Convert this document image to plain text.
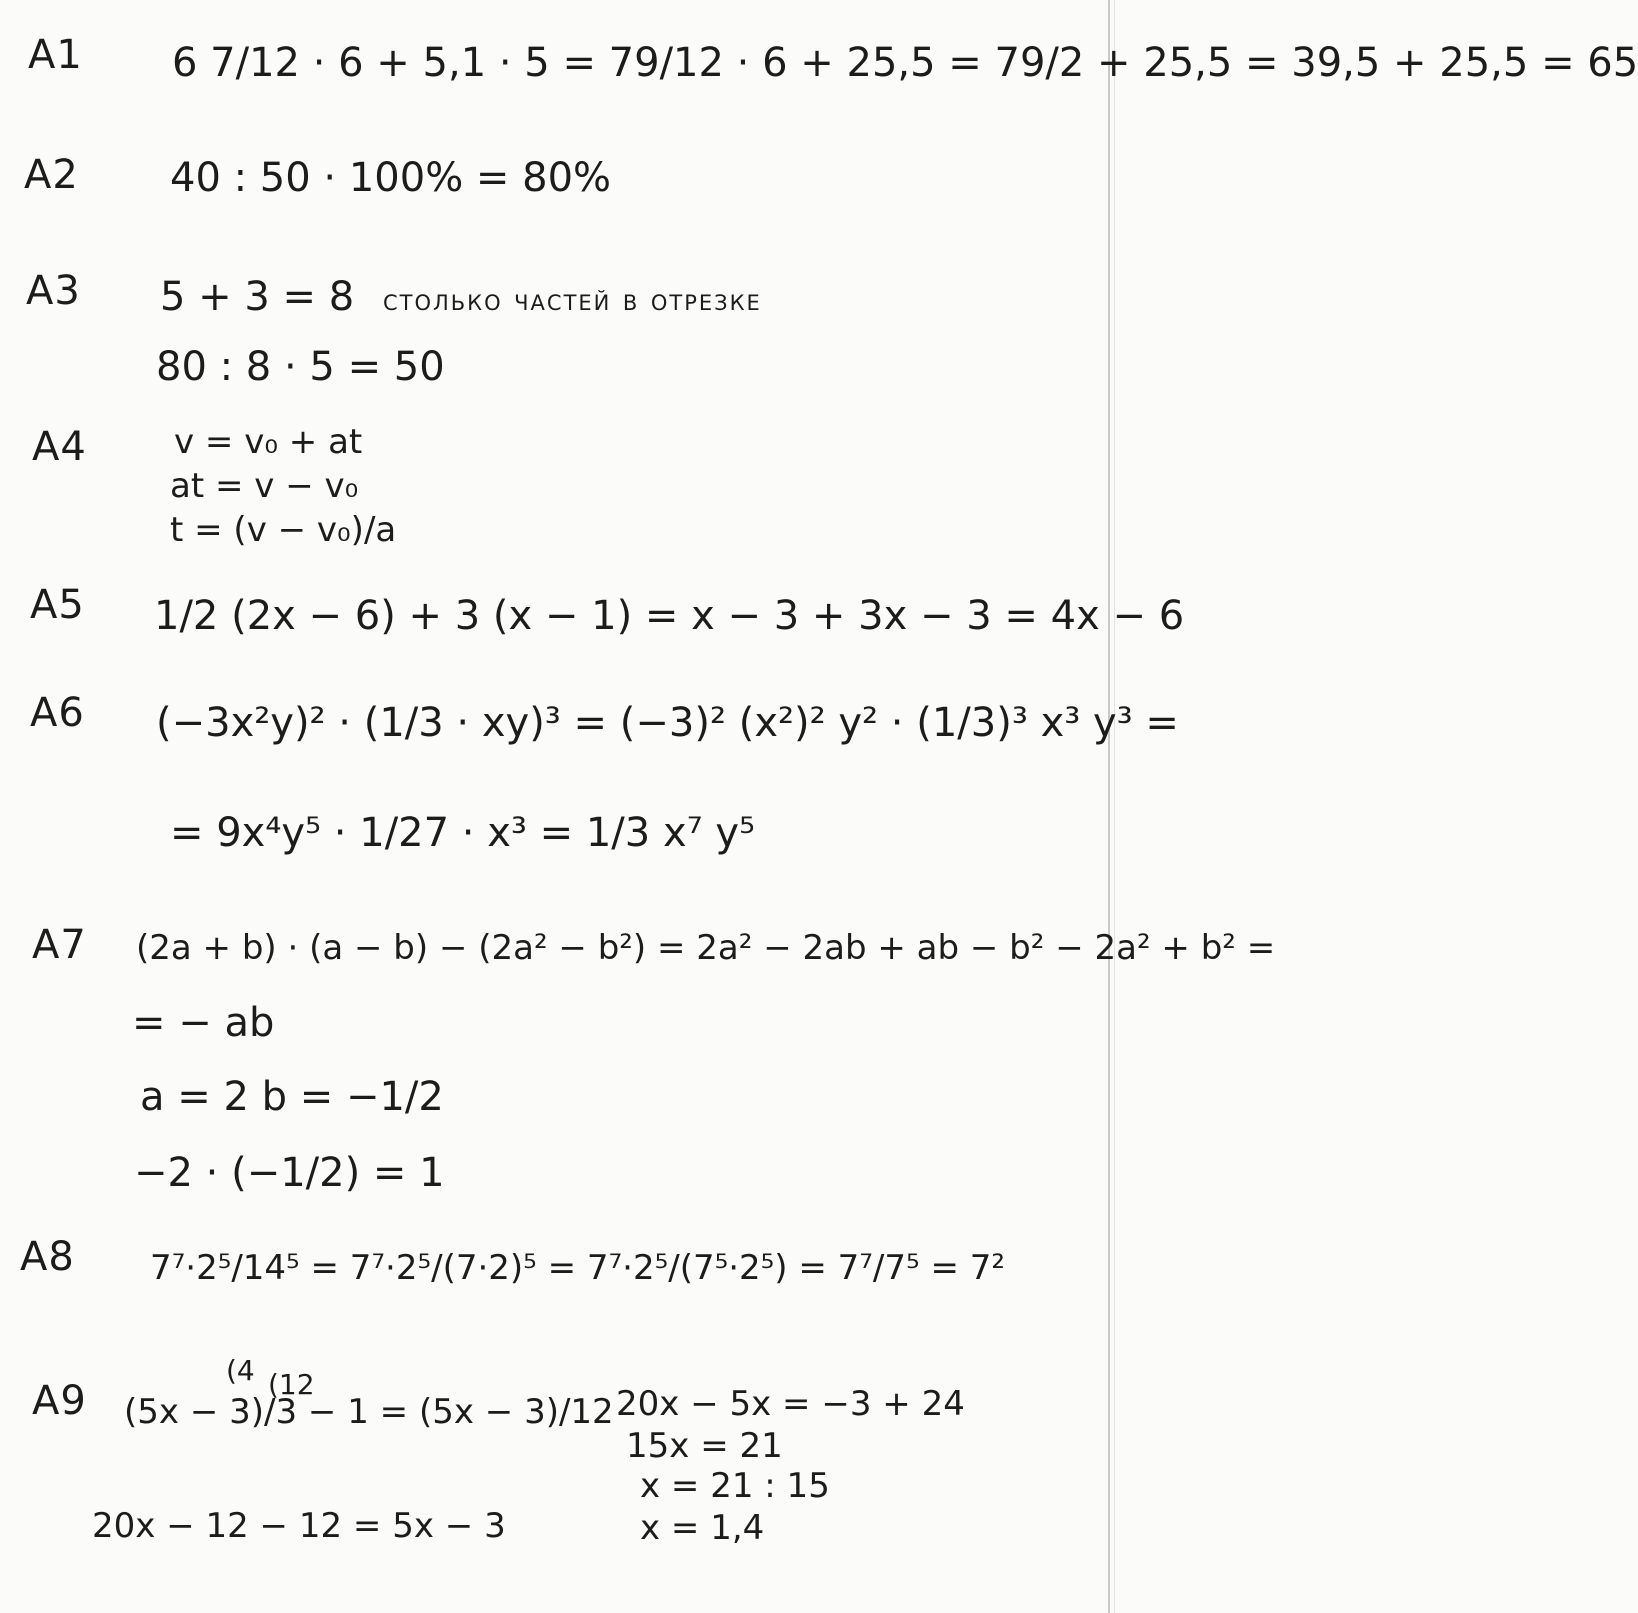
A1 6 7/12 · 6 + 5,1 · 5 = 79/12 · 6 + 25,5 = 79/2 + 25,5 = 39,5 + 25,5 = 65
A2 40 : 50 · 100% = 80%
A3 5 + 3 = 8 столько частей в отрезке
80 : 8 · 5 = 50
A4	v = v₀ + at
at = v − v₀
t = (v − v₀)/a
A5 1/2 (2x − 6) + 3 (x − 1) = x − 3 + 3x − 3 = 4x − 6
A6 (−3x²y)² · (1/3 · xy)³ = (−3)² (x²)² y² · (1/3)³ x³ y³ =
= 9x⁴y⁵ · 1/27 · x³ = 1/3 x⁷ y⁵
A7 (2a + b) · (a − b) − (2a² − b²) = 2a² − 2ab + ab − b² − 2a² + b² =
= − ab
a = 2 b = −1/2
−2 · (−1/2) = 1
A8 7⁷·2⁵/14⁵ = 7⁷·2⁵/(7·2)⁵ = 7⁷·2⁵/(7⁵·2⁵) = 7⁷/7⁵ = 7²
A9 (5x − 3)/3 − 1 = (5x − 3)/12
(4 (12
20x − 12 − 12 = 5x − 3
20x − 5x = −3 + 24
15x = 21
x = 21 : 15
x = 1,4
